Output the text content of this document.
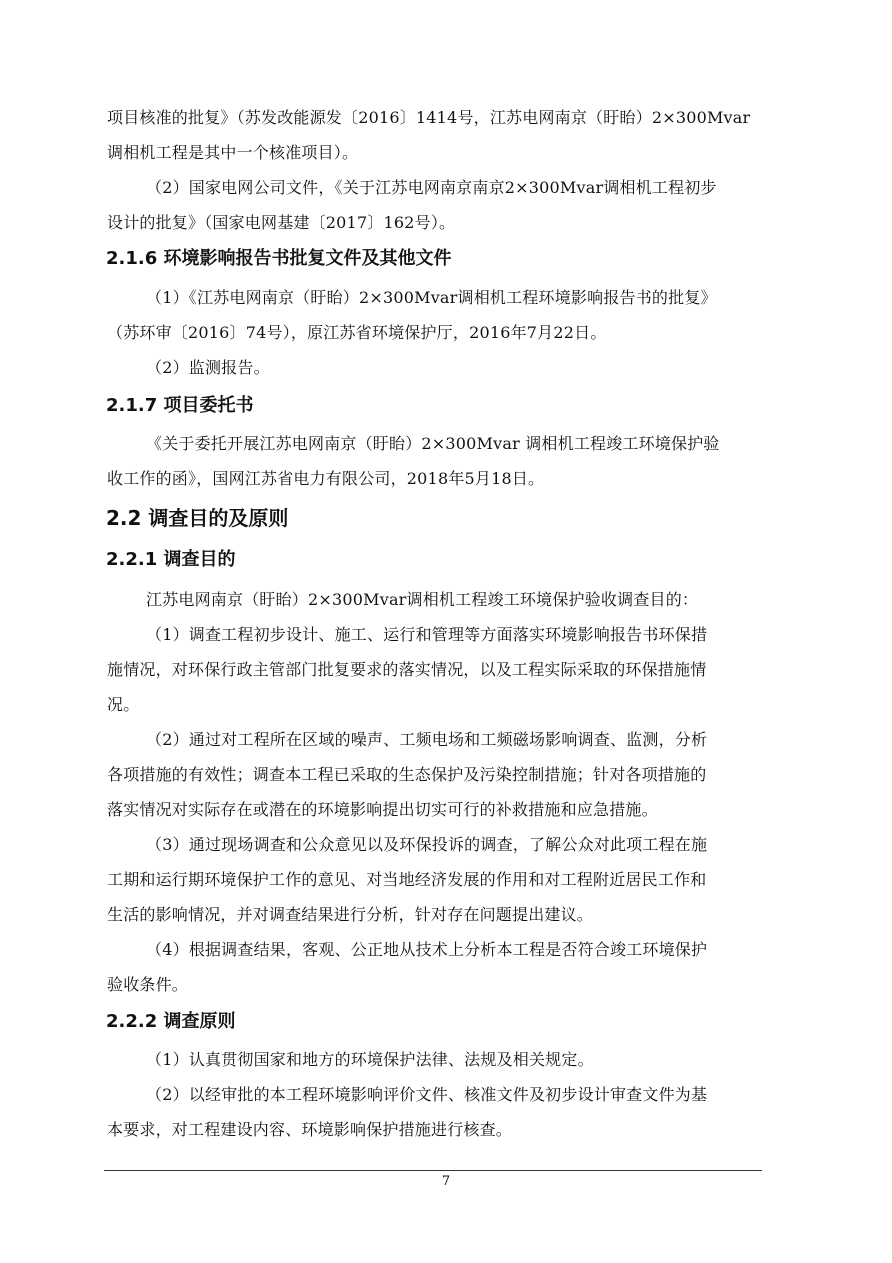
项目核准的批复》（苏发改能源发〔2016〕1414号，江苏电网南京（盱眙）2×300Mvar
调相机工程是其中一个核准项目）。
（2）国家电网公司文件，《关于江苏电网南京南京2×300Mvar调相机工程初步
设计的批复》（国家电网基建〔2017〕162号）。
2.1.6 环境影响报告书批复文件及其他文件
（1）《江苏电网南京（盱眙）2×300Mvar调相机工程环境影响报告书的批复》
（苏环审〔2016〕74号），原江苏省环境保护厅，2016年7月22日。
（2）监测报告。
2.1.7 项目委托书
《关于委托开展江苏电网南京（盱眙）2×300Mvar 调相机工程竣工环境保护验
收工作的函》，国网江苏省电力有限公司，2018年5月18日。
2.2 调查目的及原则
2.2.1 调查目的
江苏电网南京（盱眙）2×300Mvar调相机工程竣工环境保护验收调查目的：
（1）调查工程初步设计、施工、运行和管理等方面落实环境影响报告书环保措
施情况，对环保行政主管部门批复要求的落实情况，以及工程实际采取的环保措施情
况。
（2）通过对工程所在区域的噪声、工频电场和工频磁场影响调查、监测，分析
各项措施的有效性；调查本工程已采取的生态保护及污染控制措施；针对各项措施的
落实情况对实际存在或潜在的环境影响提出切实可行的补救措施和应急措施。
（3）通过现场调查和公众意见以及环保投诉的调查，了解公众对此项工程在施
工期和运行期环境保护工作的意见、对当地经济发展的作用和对工程附近居民工作和
生活的影响情况，并对调查结果进行分析，针对存在问题提出建议。
（4）根据调查结果，客观、公正地从技术上分析本工程是否符合竣工环境保护
验收条件。
2.2.2 调查原则
（1）认真贯彻国家和地方的环境保护法律、法规及相关规定。
（2）以经审批的本工程环境影响评价文件、核准文件及初步设计审查文件为基
本要求，对工程建设内容、环境影响保护措施进行核查。
7
